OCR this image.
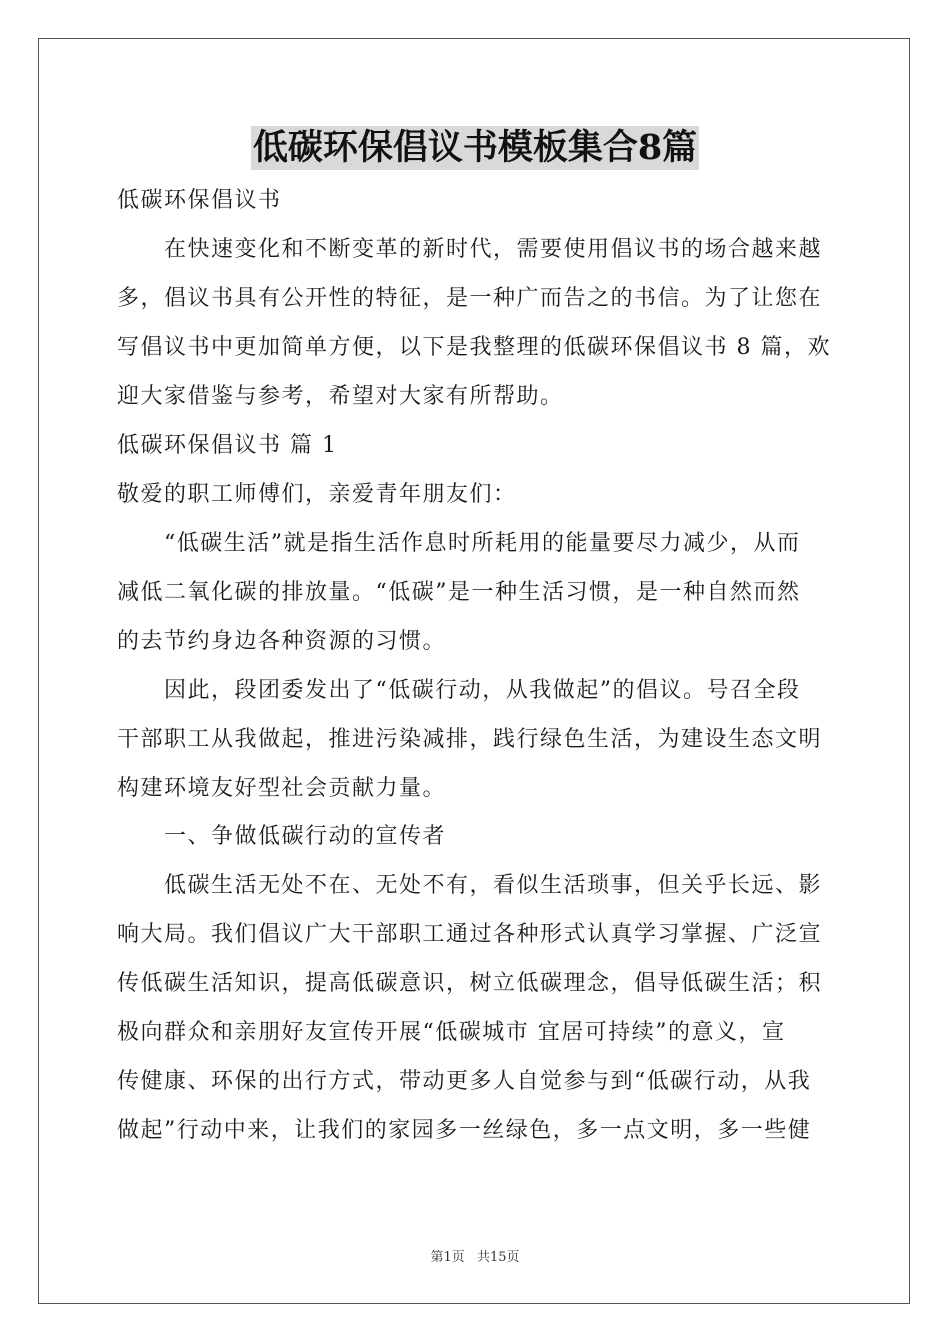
低碳环保倡议书模板集合8篇
低碳环保倡议书
　　在快速变化和不断变革的新时代，需要使用倡议书的场合越来越
多，倡议书具有公开性的特征，是一种广而告之的书信。为了让您在
写倡议书中更加简单方便，以下是我整理的低碳环保倡议书 8 篇，欢
迎大家借鉴与参考，希望对大家有所帮助。
低碳环保倡议书 篇 1
敬爱的职工师傅们，亲爱青年朋友们：
　　“低碳生活”就是指生活作息时所耗用的能量要尽力减少，从而
减低二氧化碳的排放量。“低碳”是一种生活习惯，是一种自然而然
的去节约身边各种资源的习惯。
　　因此，段团委发出了“低碳行动，从我做起”的倡议。号召全段
干部职工从我做起，推进污染减排，践行绿色生活，为建设生态文明
构建环境友好型社会贡献力量。
　　一、争做低碳行动的宣传者
　　低碳生活无处不在、无处不有，看似生活琐事，但关乎长远、影
响大局。我们倡议广大干部职工通过各种形式认真学习掌握、广泛宣
传低碳生活知识，提高低碳意识，树立低碳理念，倡导低碳生活；积
极向群众和亲朋好友宣传开展“低碳城市 宜居可持续”的意义，宣
传健康、环保的出行方式，带动更多人自觉参与到“低碳行动，从我
做起”行动中来，让我们的家园多一丝绿色，多一点文明，多一些健
第1页 共15页
